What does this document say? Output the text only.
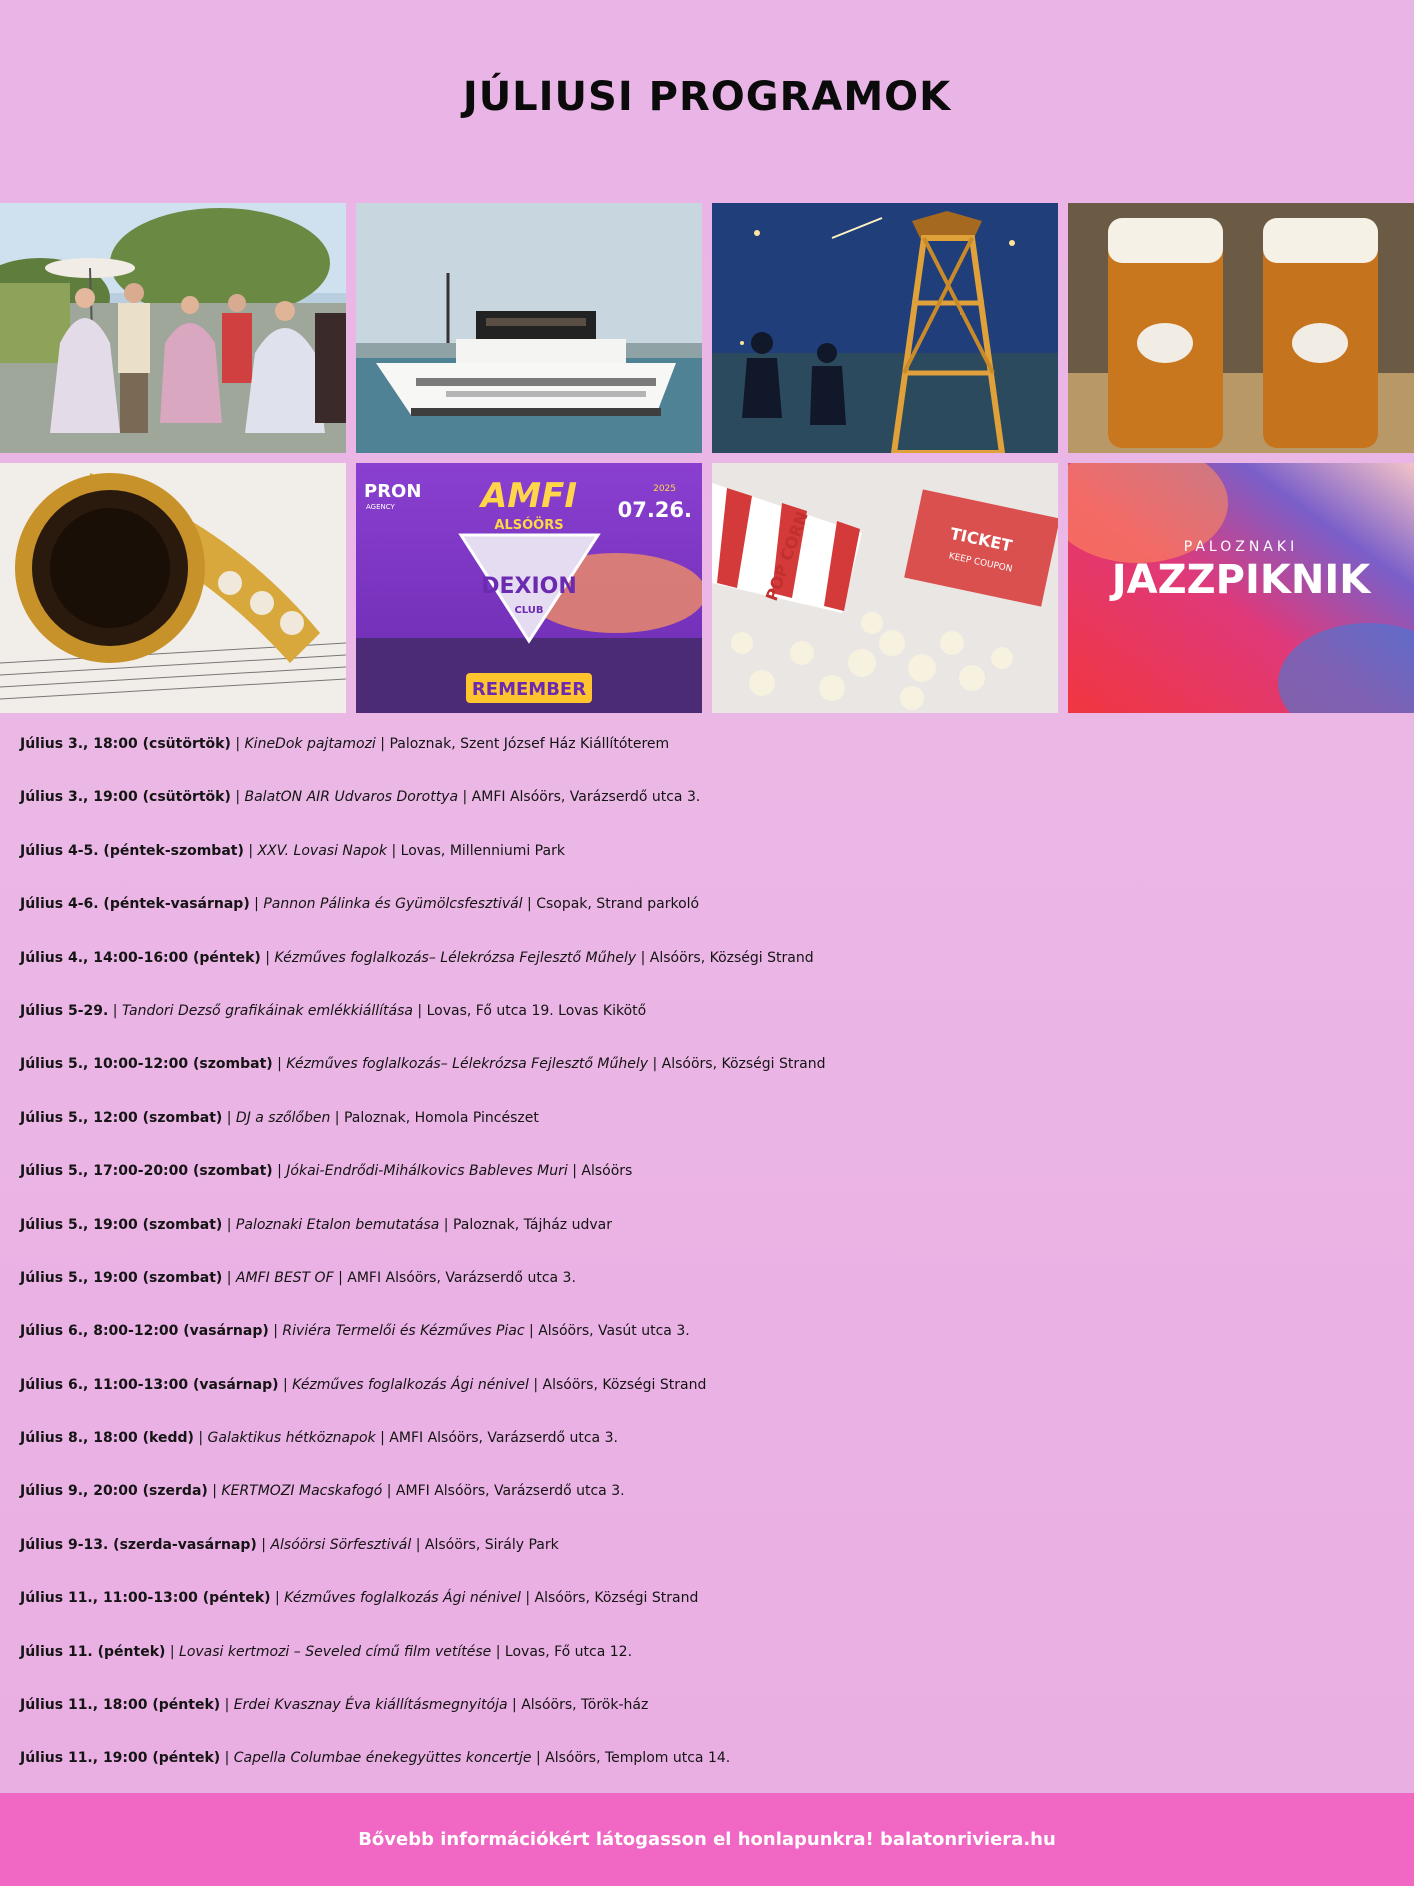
JÚLIUSI PROGRAMOK
PRON
AGENCY	AMFI
ALSÓÖRS
2025
07.26.
DEXION
CLUB
REMEMBER
POP CORN	TICKET
KEEP COUPON
PALOZNAKI
JAZZPIKNIK
Július 3., 18:00 (csütörtök) | KineDok pajtamozi | Paloznak, Szent József Ház Kiállítóterem
Július 3., 19:00 (csütörtök) | BalatON AIR Udvaros Dorottya | AMFI Alsóörs, Varázserdő utca 3.
Július 4-5. (péntek-szombat) | XXV. Lovasi Napok | Lovas, Millenniumi Park
Július 4-6. (péntek-vasárnap) | Pannon Pálinka és Gyümölcsfesztivál | Csopak, Strand parkoló
Július 4., 14:00-16:00 (péntek) | Kézműves foglalkozás– Lélekrózsa Fejlesztő Műhely | Alsóörs, Községi Strand
Július 5-29. | Tandori Dezső grafikáinak emlékkiállítása | Lovas, Fő utca 19. Lovas Kikötő
Július 5., 10:00-12:00 (szombat) | Kézműves foglalkozás– Lélekrózsa Fejlesztő Műhely | Alsóörs, Községi Strand
Július 5., 12:00 (szombat) | DJ a szőlőben | Paloznak, Homola Pincészet
Július 5., 17:00-20:00 (szombat) | Jókai-Endrődi-Mihálkovics Bableves Muri | Alsóörs
Július 5., 19:00 (szombat) | Paloznaki Etalon bemutatása | Paloznak, Tájház udvar
Július 5., 19:00 (szombat) | AMFI BEST OF | AMFI Alsóörs, Varázserdő utca 3.
Július 6., 8:00-12:00 (vasárnap) | Riviéra Termelői és Kézműves Piac | Alsóörs, Vasút utca 3.
Július 6., 11:00-13:00 (vasárnap) | Kézműves foglalkozás Ági nénivel | Alsóörs, Községi Strand
Július 8., 18:00 (kedd) | Galaktikus hétköznapok | AMFI Alsóörs, Varázserdő utca 3.
Július 9., 20:00 (szerda) | KERTMOZI Macskafogó | AMFI Alsóörs, Varázserdő utca 3.
Július 9-13. (szerda-vasárnap) | Alsóörsi Sörfesztivál | Alsóörs, Sirály Park
Július 11., 11:00-13:00 (péntek) | Kézműves foglalkozás Ági nénivel | Alsóörs, Községi Strand
Július 11. (péntek) | Lovasi kertmozi – Seveled című film vetítése | Lovas, Fő utca 12.
Július 11., 18:00 (péntek) | Erdei Kvasznay Éva kiállításmegnyitója | Alsóörs, Török-ház
Július 11., 19:00 (péntek) | Capella Columbae énekegyüttes koncertje | Alsóörs, Templom utca 14.
Bővebb információkért látogasson el honlapunkra! balatonriviera.hu
